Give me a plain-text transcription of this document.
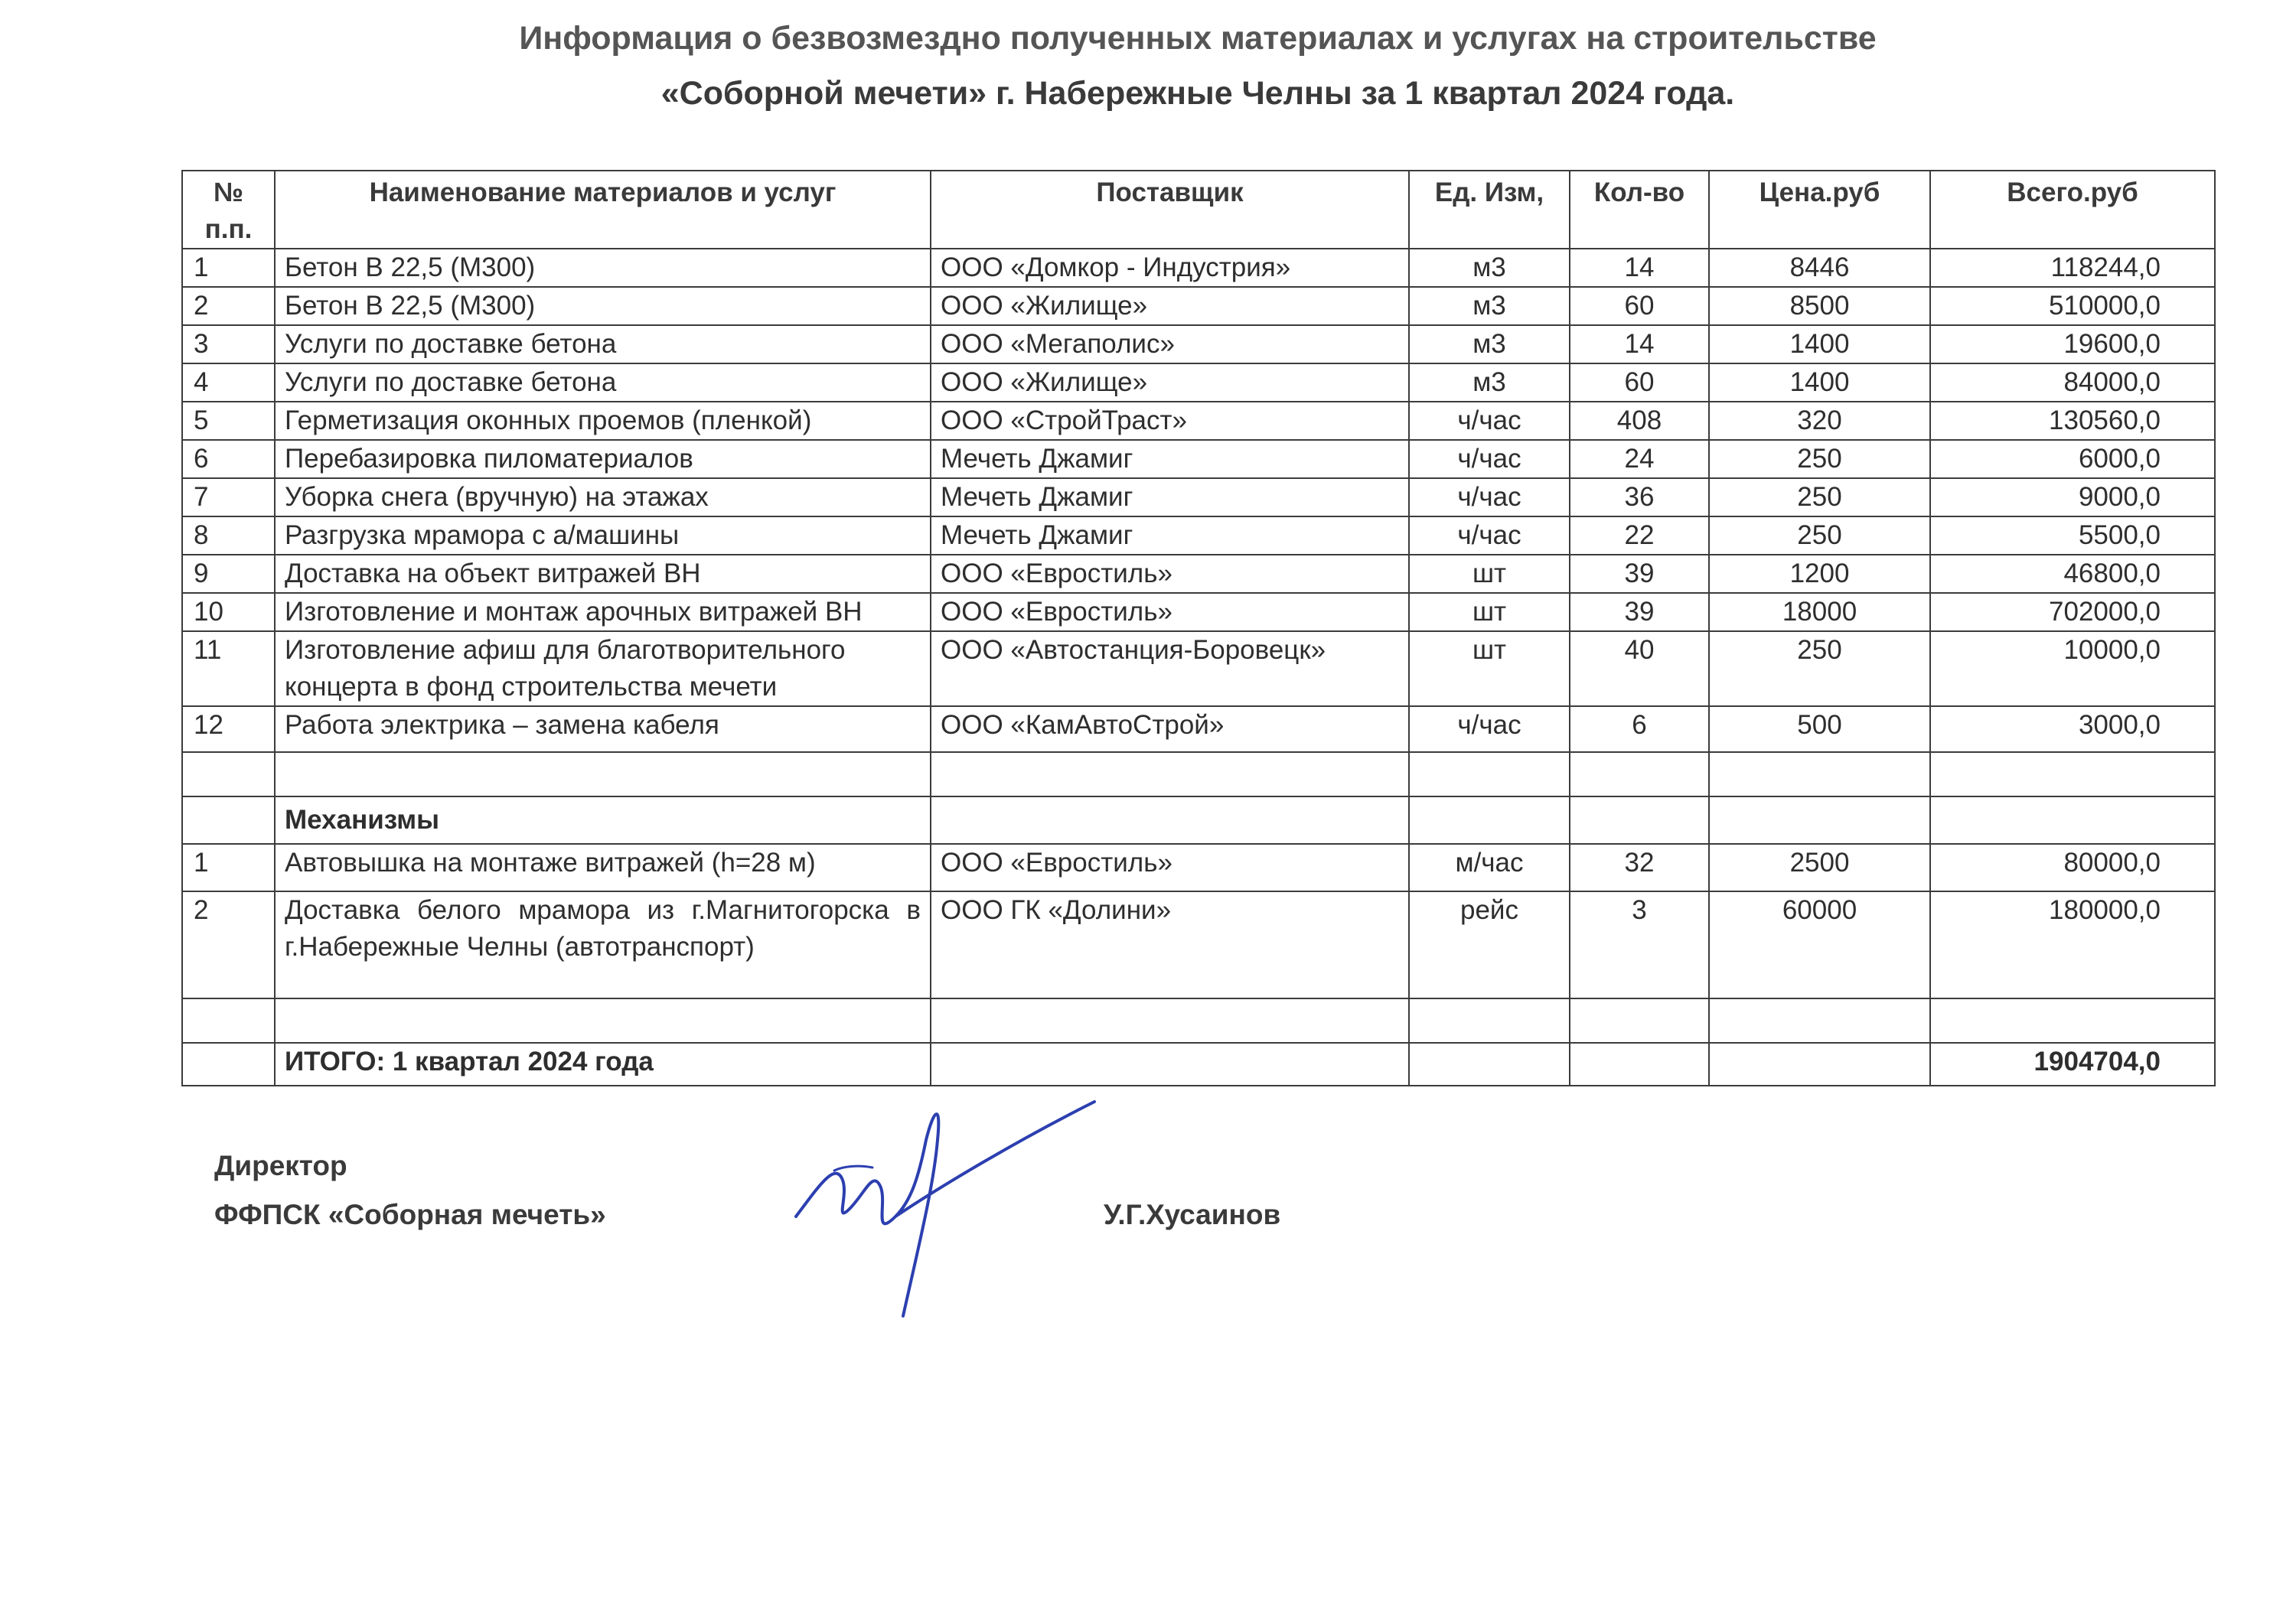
Информация о безвозмездно полученных материалах и услугах на строительстве
«Соборной мечети» г. Набережные Челны за 1 квартал 2024 года.
№ п.п.	Наименование материалов и услуг	Поставщик	Ед. Изм,	Кол-во	Цена.руб	Всего.руб
1	Бетон В 22,5 (М300)	ООО «Домкор - Индустрия»	м3	14	8446	118244,0
2	Бетон В 22,5 (М300)	ООО «Жилище»	м3	60	8500	510000,0
3	Услуги по доставке бетона	ООО «Мегаполис»	м3	14	1400	19600,0
4	Услуги по доставке бетона	ООО «Жилище»	м3	60	1400	84000,0
5	Герметизация оконных проемов (пленкой)	ООО «СтройТраст»	ч/час	408	320	130560,0
6	Перебазировка пиломатериалов	Мечеть Джамиг	ч/час	24	250	6000,0
7	Уборка снега (вручную) на этажах	Мечеть Джамиг	ч/час	36	250	9000,0
8	Разгрузка мрамора с а/машины	Мечеть Джамиг	ч/час	22	250	5500,0
9	Доставка на объект витражей ВН	ООО «Евростиль»	шт	39	1200	46800,0
10	Изготовление и монтаж арочных витражей ВН	ООО «Евростиль»	шт	39	18000	702000,0
11	Изготовление афиш для благотворительного концерта в фонд строительства мечети	ООО «Автостанция-Боровецк»	шт	40	250	10000,0
12	Работа электрика – замена кабеля	ООО «КамАвтоСтрой»	ч/час	6	500	3000,0

	Механизмы					
1	Автовышка на монтаже витражей (h=28 м)	ООО «Евростиль»	м/час	32	2500	80000,0
2	Доставка белого мрамора из г.Магнитогорска в г.Набережные Челны (автотранспорт)	ООО ГК «Долини»	рейс	3	60000	180000,0

	ИТОГО: 1 квартал 2024 года					1904704,0
Директор
ФФПСК «Соборная мечеть»	У.Г.Хусаинов
